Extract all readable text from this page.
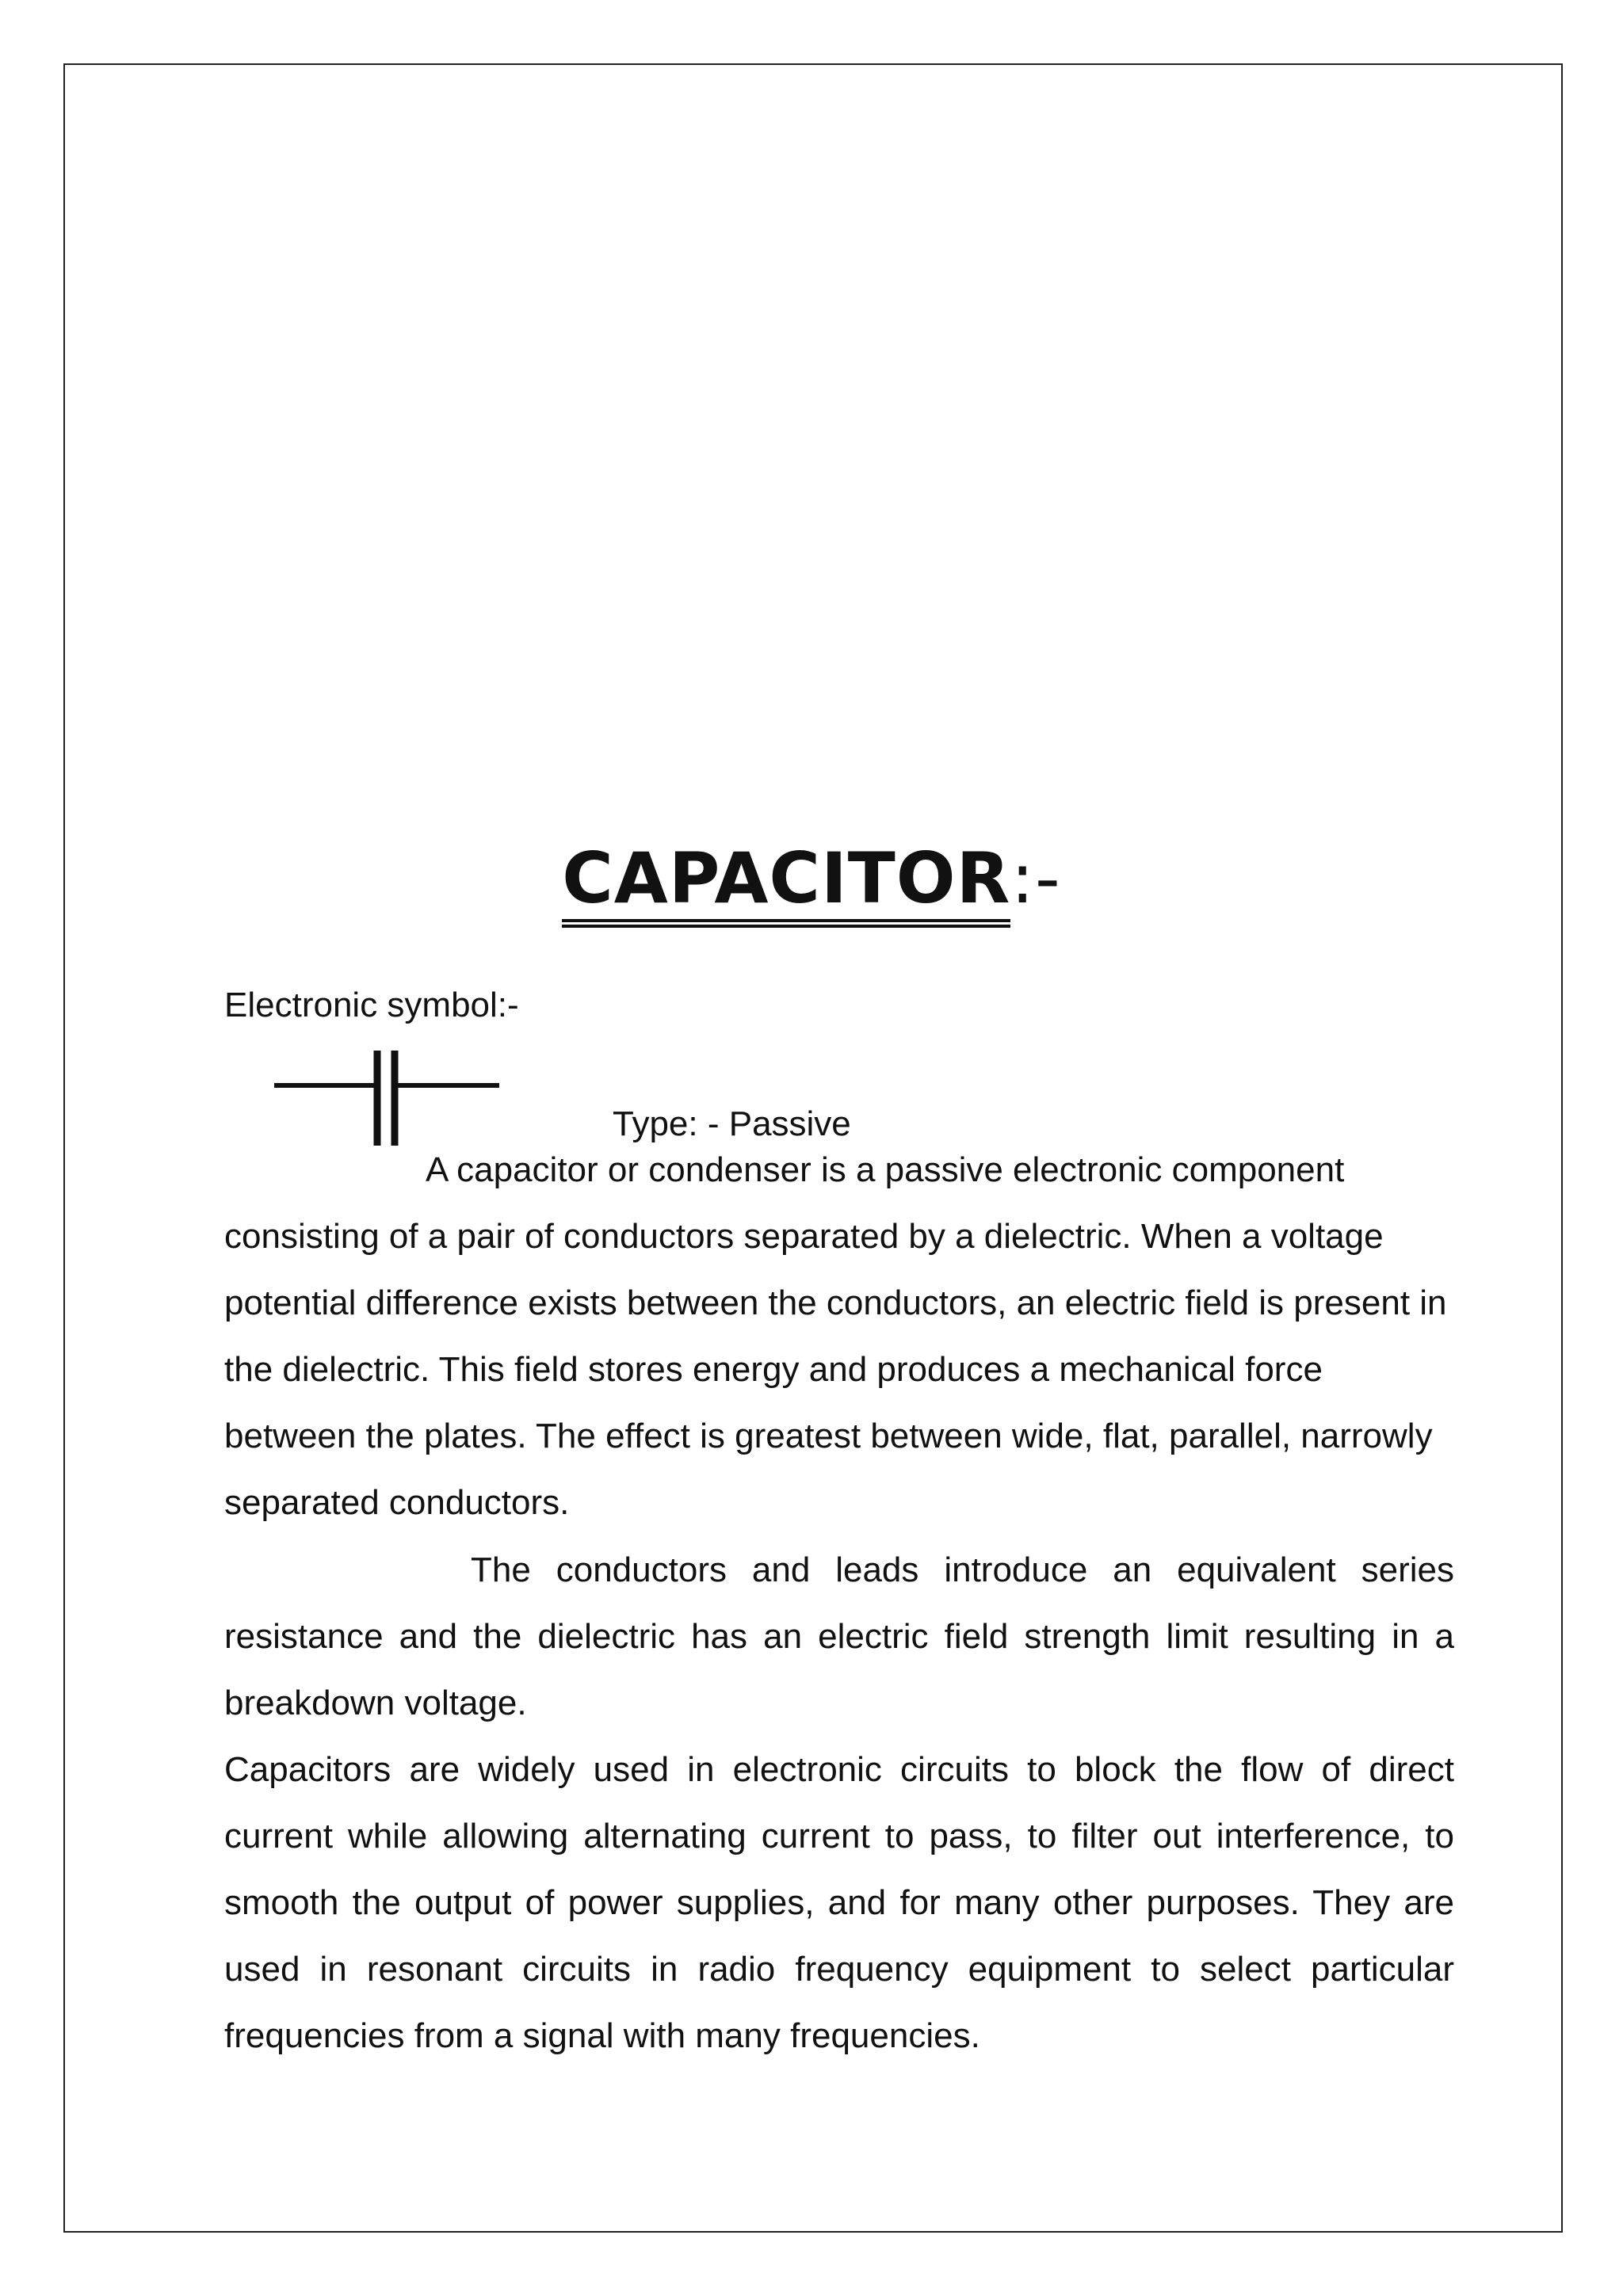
CAPACITOR:-
Electronic symbol:-
Type: - Passive

A capacitor or condenser is a passive electronic component consisting of a pair of conductors separated by a dielectric. When a voltage potential difference exists between the conductors, an electric field is present in the dielectric. This field stores energy and produces a mechanical force between the plates. The effect is greatest between wide, flat, parallel, narrowly separated conductors.

The conductors and leads introduce an equivalent series resistance and the dielectric has an electric field strength limit resulting in a breakdown voltage.

Capacitors are widely used in electronic circuits to block the flow of direct current while allowing alternating current to pass, to filter out interference, to smooth the output of power supplies, and for many other purposes. They are used in resonant circuits in radio frequency equipment to select particular frequencies from a signal with many frequencies.
